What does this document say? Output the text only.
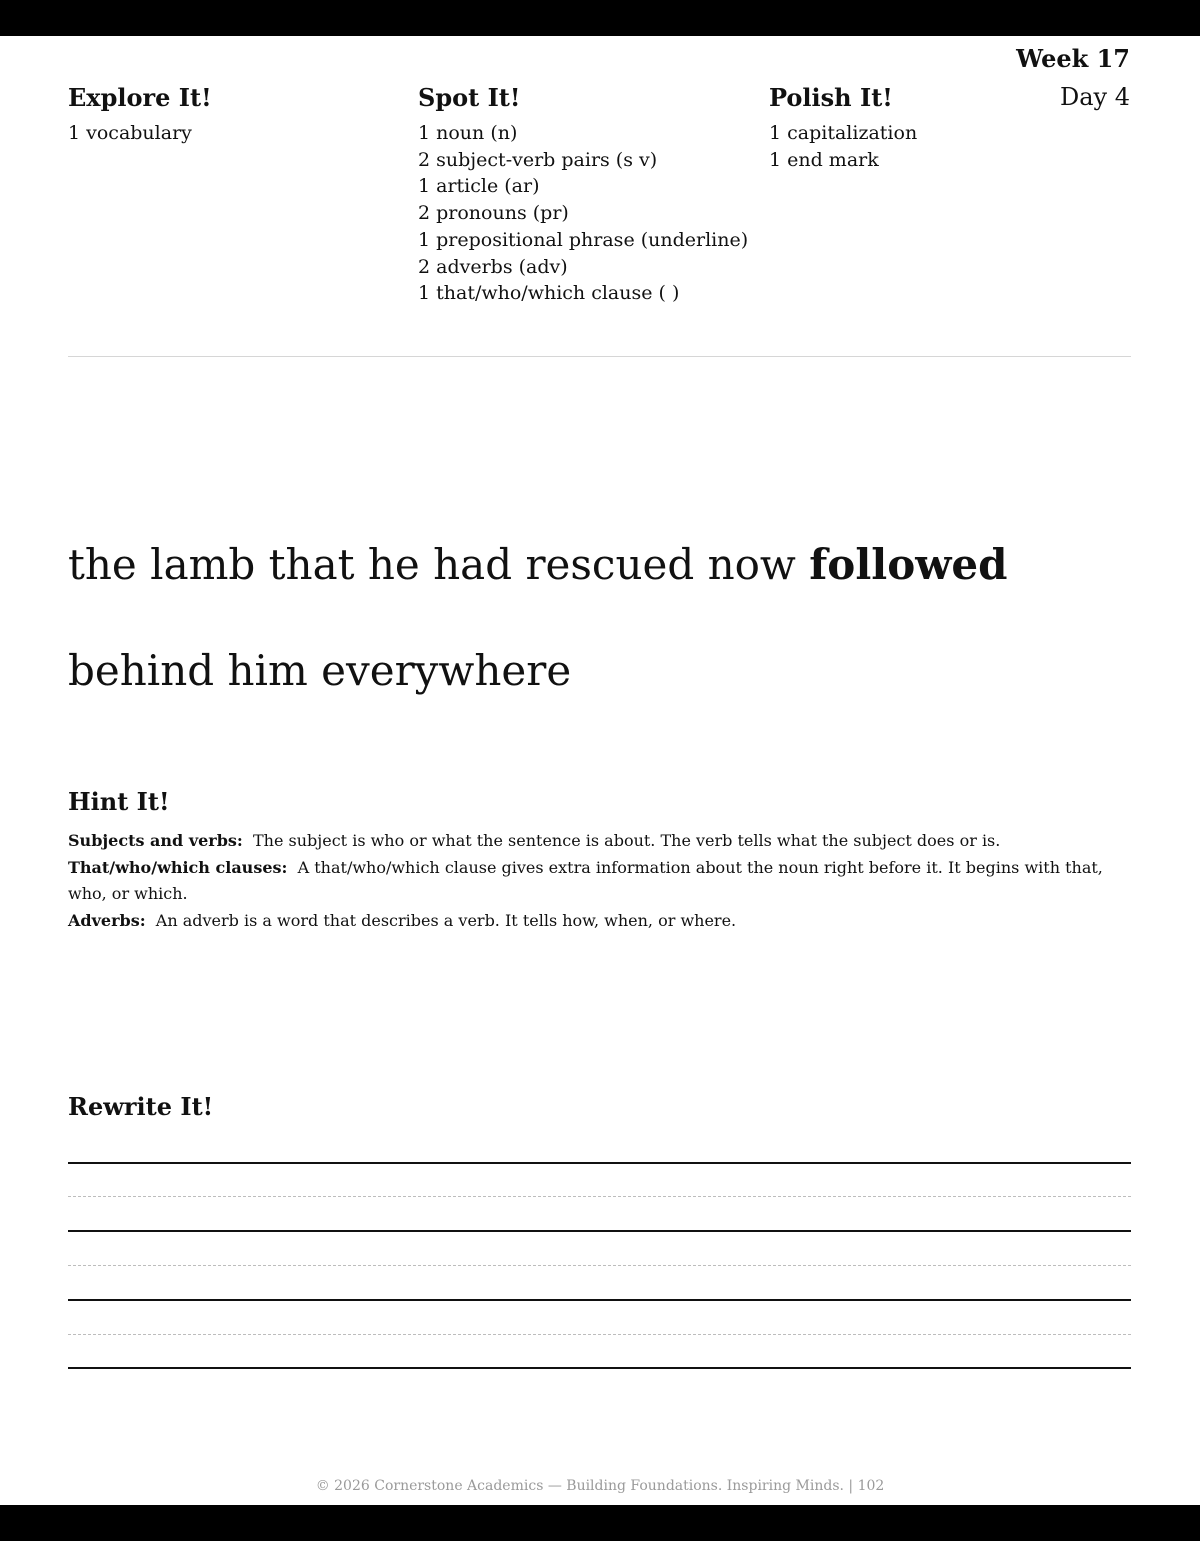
Week 17
Day 4
Explore It!
1 vocabulary
Spot It!
1 noun (n)
2 subject-verb pairs (s v)
1 article (ar)
2 pronouns (pr)
1 prepositional phrase (underline)
2 adverbs (adv)
1 that/who/which clause ( )
Polish It!
1 capitalization
1 end mark

the lamb that he had rescued now followed behind him everywhere

Hint It!

Subjects and verbs: The subject is who or what the sentence is about. The verb tells what the subject does or is.

That/who/which clauses: A that/who/which clause gives extra information about the noun right before it. It begins with that, who, or which.

Adverbs: An adverb is a word that describes a verb. It tells how, when, or where.

Rewrite It!
© 2026 Cornerstone Academics — Building Foundations. Inspiring Minds. | 102
